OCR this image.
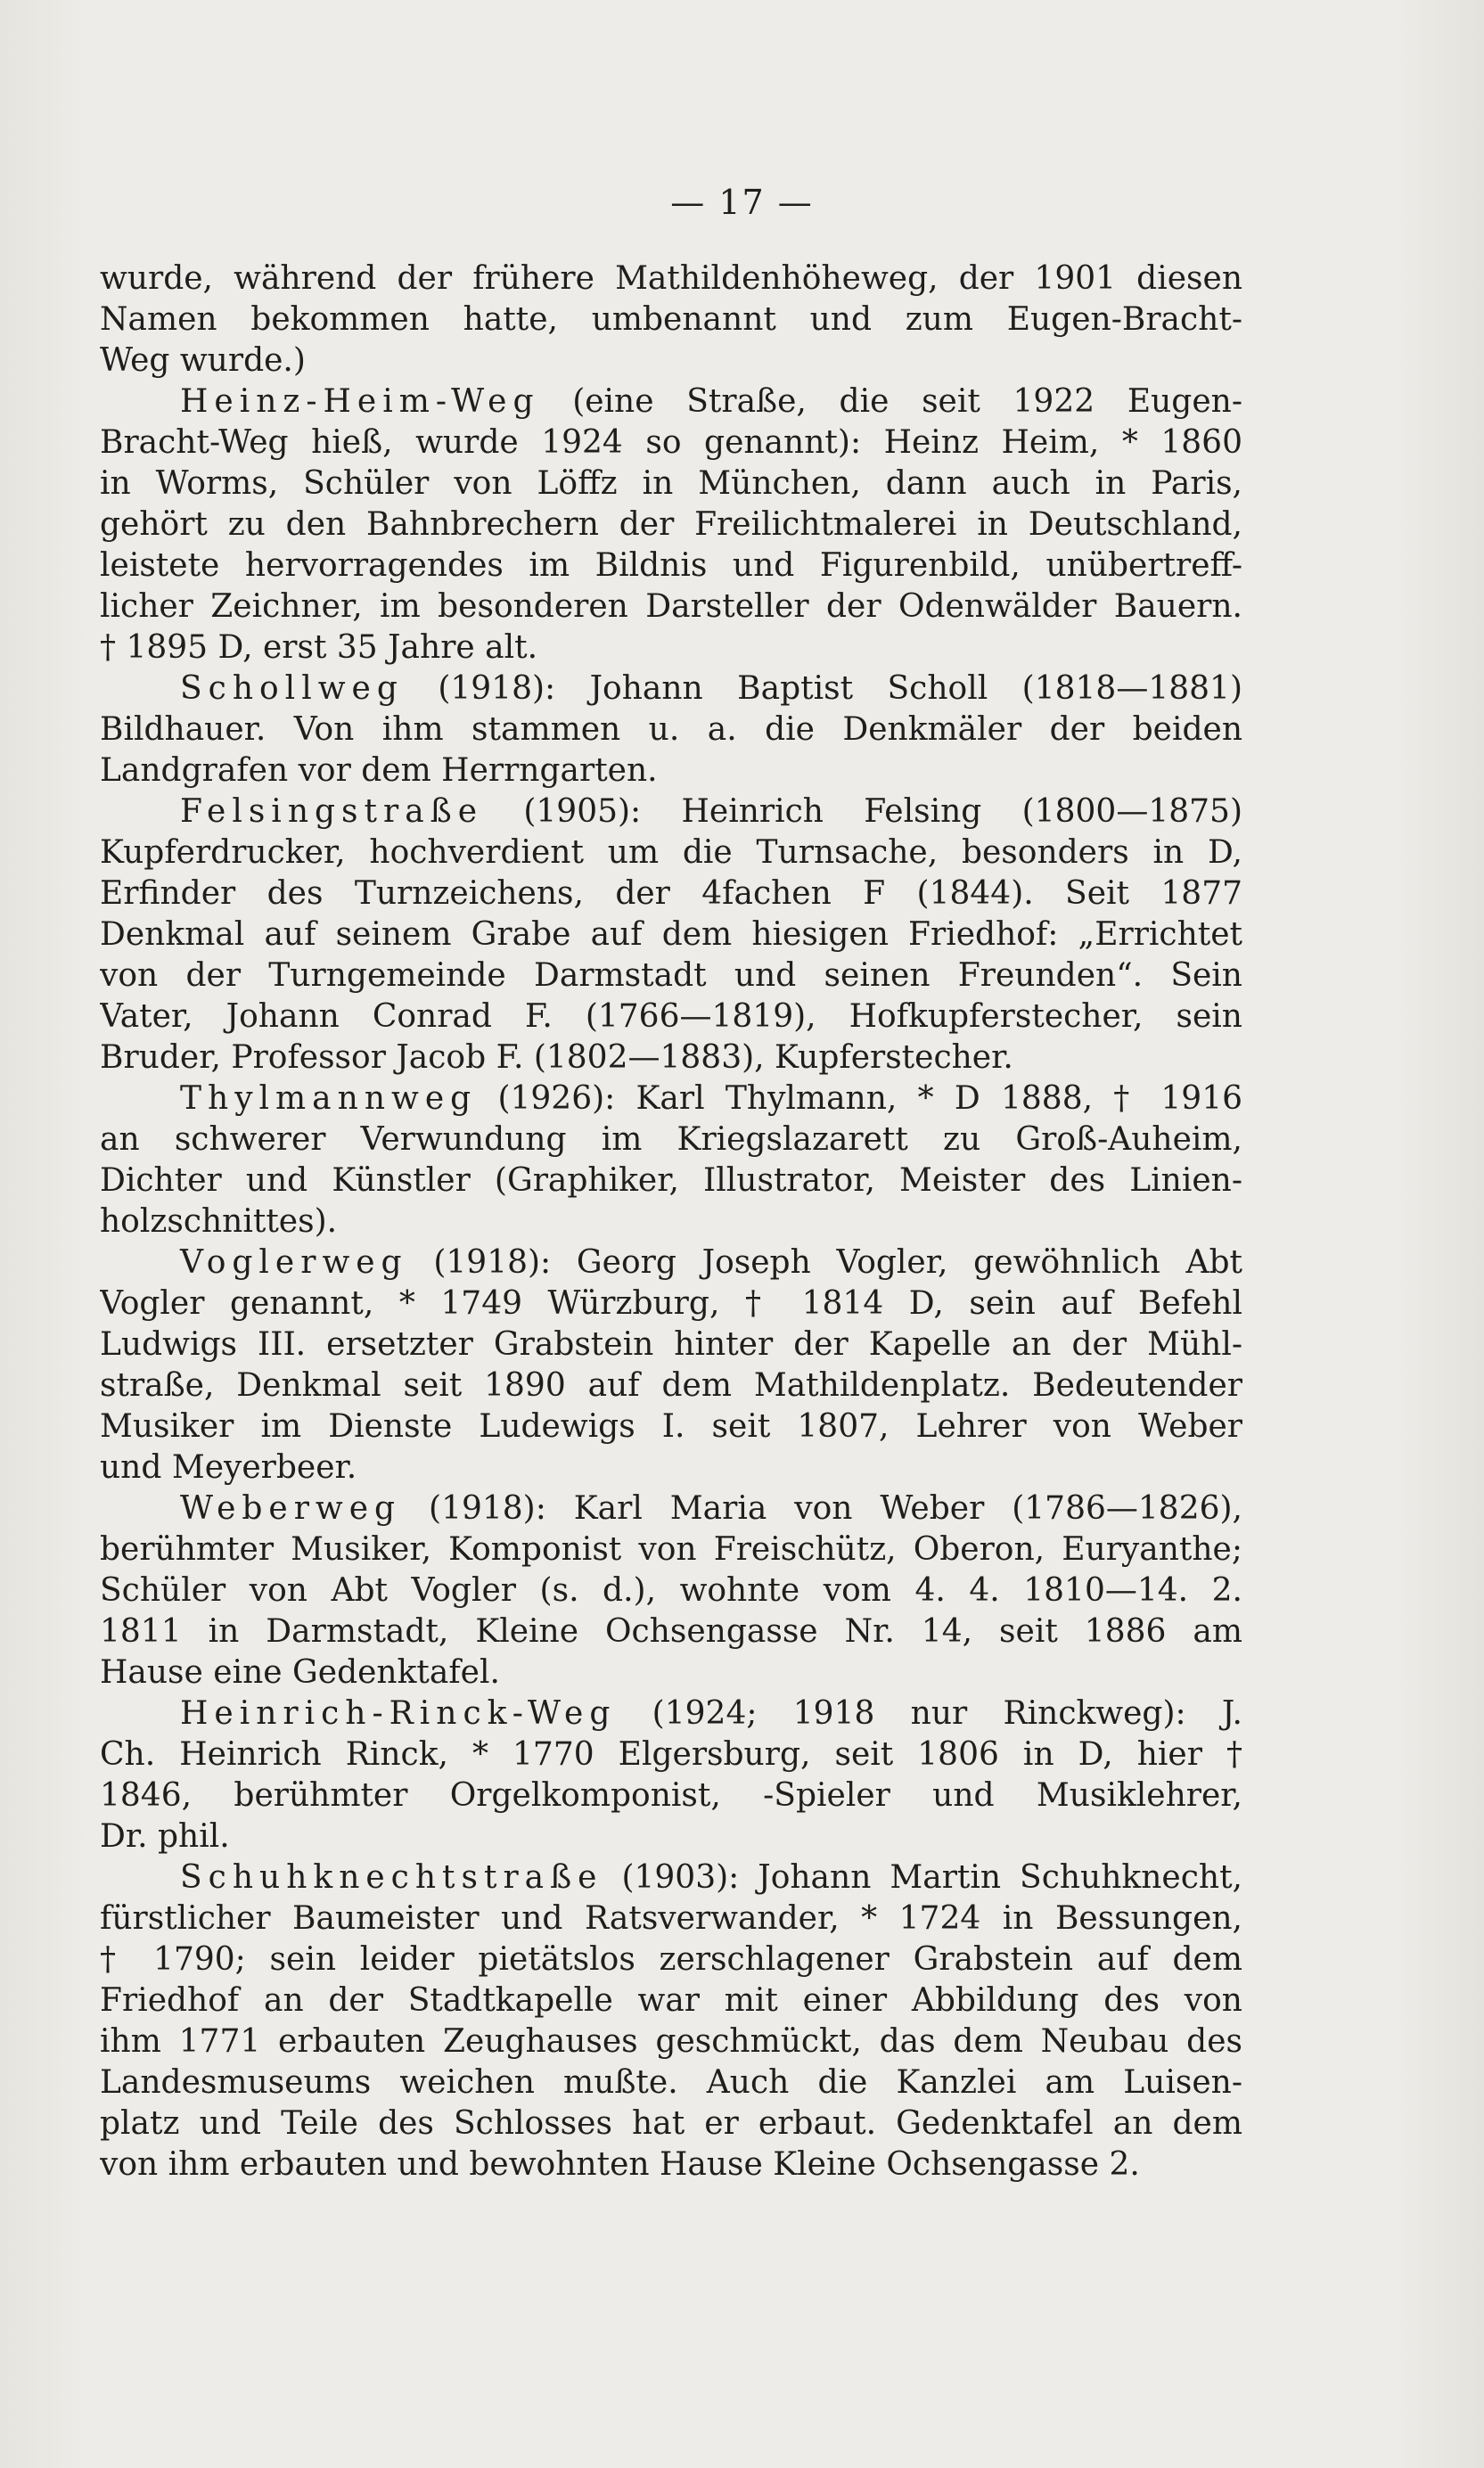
— 17 —
wurde, während der frühere Mathildenhöheweg, der 1901 diesen
Namen bekommen hatte, umbenannt und zum Eugen-Bracht-
Weg wurde.)
Heinz-Heim-Weg (eine Straße, die seit 1922 Eugen-
Bracht-Weg hieß, wurde 1924 so genannt): Heinz Heim, * 1860
in Worms, Schüler von Löffz in München, dann auch in Paris,
gehört zu den Bahnbrechern der Freilichtmalerei in Deutschland,
leistete hervorragendes im Bildnis und Figurenbild, unübertreff-
licher Zeichner, im besonderen Darsteller der Odenwälder Bauern.
† 1895 D, erst 35 Jahre alt.
Schollweg (1918): Johann Baptist Scholl (1818—1881)
Bildhauer. Von ihm stammen u. a. die Denkmäler der beiden
Landgrafen vor dem Herrngarten.
Felsingstraße (1905): Heinrich Felsing (1800—1875)
Kupferdrucker, hochverdient um die Turnsache, besonders in D,
Erfinder des Turnzeichens, der 4fachen F (1844). Seit 1877
Denkmal auf seinem Grabe auf dem hiesigen Friedhof: „Errichtet
von der Turngemeinde Darmstadt und seinen Freunden“. Sein
Vater, Johann Conrad F. (1766—1819), Hofkupferstecher, sein
Bruder, Professor Jacob F. (1802—1883), Kupferstecher.
Thylmannweg (1926): Karl Thylmann, * D 1888, † 1916
an schwerer Verwundung im Kriegslazarett zu Groß-Auheim,
Dichter und Künstler (Graphiker, Illustrator, Meister des Linien-
holzschnittes).
Voglerweg (1918): Georg Joseph Vogler, gewöhnlich Abt
Vogler genannt, * 1749 Würzburg, † 1814 D, sein auf Befehl
Ludwigs III. ersetzter Grabstein hinter der Kapelle an der Mühl-
straße, Denkmal seit 1890 auf dem Mathildenplatz. Bedeutender
Musiker im Dienste Ludewigs I. seit 1807, Lehrer von Weber
und Meyerbeer.
Weberweg (1918): Karl Maria von Weber (1786—1826),
berühmter Musiker, Komponist von Freischütz, Oberon, Euryanthe;
Schüler von Abt Vogler (s. d.), wohnte vom 4. 4. 1810—14. 2.
1811 in Darmstadt, Kleine Ochsengasse Nr. 14, seit 1886 am
Hause eine Gedenktafel.
Heinrich-Rinck-Weg (1924; 1918 nur Rinckweg): J.
Ch. Heinrich Rinck, * 1770 Elgersburg, seit 1806 in D, hier †
1846, berühmter Orgelkomponist, -Spieler und Musiklehrer,
Dr. phil.
Schuhknechtstraße (1903): Johann Martin Schuhknecht,
fürstlicher Baumeister und Ratsverwander, * 1724 in Bessungen,
† 1790; sein leider pietätslos zerschlagener Grabstein auf dem
Friedhof an der Stadtkapelle war mit einer Abbildung des von
ihm 1771 erbauten Zeughauses geschmückt, das dem Neubau des
Landesmuseums weichen mußte. Auch die Kanzlei am Luisen-
platz und Teile des Schlosses hat er erbaut. Gedenktafel an dem
von ihm erbauten und bewohnten Hause Kleine Ochsengasse 2.
